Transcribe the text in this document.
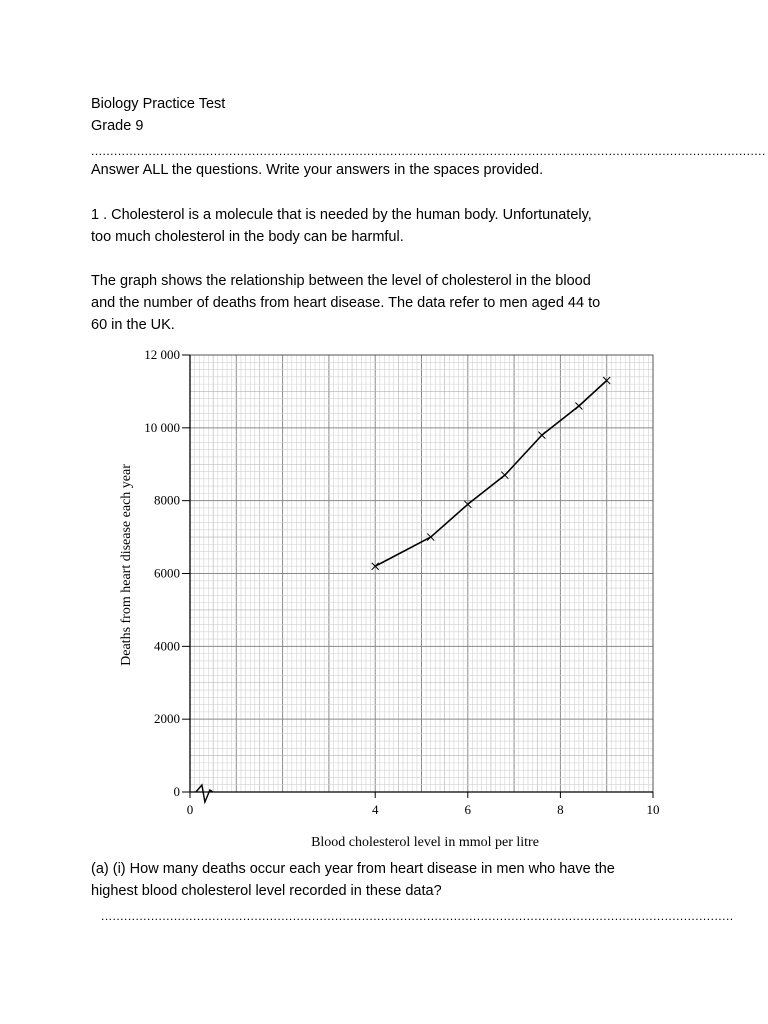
Biology Practice Test
Grade 9
................................................................................................................................................................................
Answer ALL the questions. Write your answers in the spaces provided.
1 . Cholesterol is a molecule that is needed by the human body. Unfortunately,
too much cholesterol in the body can be harmful.
The graph shows the relationship between the level of cholesterol in the blood
and the number of deaths from heart disease. The data refer to men aged 44 to
60 in the UK.
0
2000
4000
6000
8000
10 000
12 000
0	4	6	8	10
Blood cholesterol level in mmol per litre
Deaths from heart disease each year
(a) (i) How many deaths occur each year from heart disease in men who have the
highest blood cholesterol level recorded in these data?
.....................................................................................................................................................................
